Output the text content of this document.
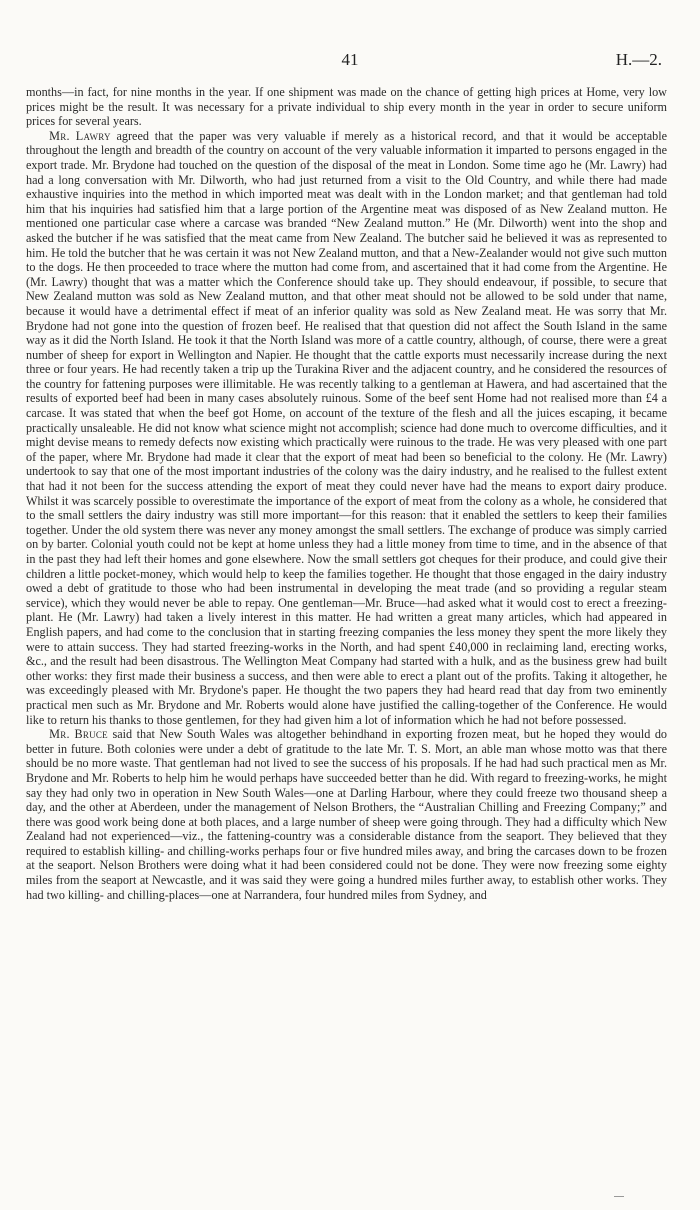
41	H.—2.

months—in fact, for nine months in the year. If one shipment was made on the chance of getting high prices at Home, very low prices might be the result. It was necessary for a private individual to ship every month in the year in order to secure uniform prices for several years.

Mr. Lawry agreed that the paper was very valuable if merely as a historical record, and that it would be acceptable throughout the length and breadth of the country on account of the very valuable information it imparted to persons engaged in the export trade. Mr. Brydone had touched on the question of the disposal of the meat in London. Some time ago he (Mr. Lawry) had had a long conversation with Mr. Dilworth, who had just returned from a visit to the Old Country, and while there had made exhaustive inquiries into the method in which imported meat was dealt with in the London market; and that gentleman had told him that his inquiries had satisfied him that a large portion of the Argentine meat was disposed of as New Zealand mutton. He mentioned one particular case where a carcase was branded “New Zealand mutton.” He (Mr. Dilworth) went into the shop and asked the butcher if he was satisfied that the meat came from New Zealand. The butcher said he believed it was as represented to him. He told the butcher that he was certain it was not New Zealand mutton, and that a New-Zealander would not give such mutton to the dogs. He then proceeded to trace where the mutton had come from, and ascertained that it had come from the Argentine. He (Mr. Lawry) thought that was a matter which the Conference should take up. They should endeavour, if possible, to secure that New Zealand mutton was sold as New Zealand mutton, and that other meat should not be allowed to be sold under that name, because it would have a detrimental effect if meat of an inferior quality was sold as New Zealand meat. He was sorry that Mr. Brydone had not gone into the question of frozen beef. He realised that that question did not affect the South Island in the same way as it did the North Island. He took it that the North Island was more of a cattle country, although, of course, there were a great number of sheep for export in Wellington and Napier. He thought that the cattle exports must necessarily increase during the next three or four years. He had recently taken a trip up the Turakina River and the adjacent country, and he considered the resources of the country for fattening purposes were illimitable. He was recently talking to a gentleman at Hawera, and had ascertained that the results of exported beef had been in many cases absolutely ruinous. Some of the beef sent Home had not realised more than £4 a carcase. It was stated that when the beef got Home, on account of the texture of the flesh and all the juices escaping, it became practically unsaleable. He did not know what science might not accomplish; science had done much to overcome difficulties, and it might devise means to remedy defects now existing which practically were ruinous to the trade. He was very pleased with one part of the paper, where Mr. Brydone had made it clear that the export of meat had been so beneficial to the colony. He (Mr. Lawry) undertook to say that one of the most important industries of the colony was the dairy industry, and he realised to the fullest extent that had it not been for the success attending the export of meat they could never have had the means to export dairy produce. Whilst it was scarcely possible to overestimate the importance of the export of meat from the colony as a whole, he considered that to the small settlers the dairy industry was still more important—for this reason: that it enabled the settlers to keep their families together. Under the old system there was never any money amongst the small settlers. The exchange of produce was simply carried on by barter. Colonial youth could not be kept at home unless they had a little money from time to time, and in the absence of that in the past they had left their homes and gone elsewhere. Now the small settlers got cheques for their produce, and could give their children a little pocket-money, which would help to keep the families together. He thought that those engaged in the dairy industry owed a debt of gratitude to those who had been instrumental in developing the meat trade (and so providing a regular steam service), which they would never be able to repay. One gentleman—Mr. Bruce—had asked what it would cost to erect a freezing-plant. He (Mr. Lawry) had taken a lively interest in this matter. He had written a great many articles, which had appeared in English papers, and had come to the conclusion that in starting freezing companies the less money they spent the more likely they were to attain success. They had started freezing-works in the North, and had spent £40,000 in reclaiming land, erecting works, &c., and the result had been disastrous. The Wellington Meat Company had started with a hulk, and as the business grew had built other works: they first made their business a success, and then were able to erect a plant out of the profits. Taking it altogether, he was exceedingly pleased with Mr. Brydone's paper. He thought the two papers they had heard read that day from two eminently practical men such as Mr. Brydone and Mr. Roberts would alone have justified the calling-together of the Conference. He would like to return his thanks to those gentlemen, for they had given him a lot of information which he had not before possessed.

Mr. Bruce said that New South Wales was altogether behindhand in exporting frozen meat, but he hoped they would do better in future. Both colonies were under a debt of gratitude to the late Mr. T. S. Mort, an able man whose motto was that there should be no more waste. That gentleman had not lived to see the success of his proposals. If he had had such practical men as Mr. Brydone and Mr. Roberts to help him he would perhaps have succeeded better than he did. With regard to freezing-works, he might say they had only two in operation in New South Wales—one at Darling Harbour, where they could freeze two thousand sheep a day, and the other at Aberdeen, under the management of Nelson Brothers, the “Australian Chilling and Freezing Company;” and there was good work being done at both places, and a large number of sheep were going through. They had a difficulty which New Zealand had not experienced—viz., the fattening-country was a considerable distance from the seaport. They believed that they required to establish killing- and chilling-works perhaps four or five hundred miles away, and bring the carcases down to be frozen at the seaport. Nelson Brothers were doing what it had been considered could not be done. They were now freezing some eighty miles from the seaport at Newcastle, and it was said they were going a hundred miles further away, to establish other works. They had two killing- and chilling-places—one at Narrandera, four hundred miles from Sydney, and
